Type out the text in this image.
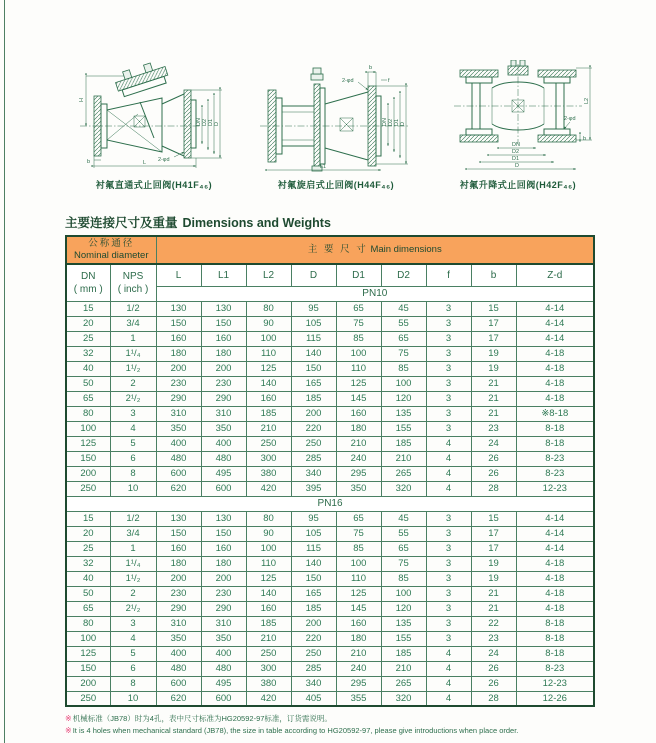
H
L
b	2-φd
DN D2 D1 D
衬氟直通式止回阀(H41F₄₆)
b
f
2-φd
DN D2 D1 D
L1
衬氟旋启式止回阀(H44F₄₆)
DN
D2
D1
D
L2
2-φd
b
衬氟升降式止回阀(H42F₄₆)
主要连接尺寸及重量 Dimensions and Weights
公称通径
Nominal diameter		主 要 尺 寸 Main dimensions								
DN
( mm )	NPS
( inch )	L	L1	L2	D	D1	D2	f	b	Z-d
		PN10								
15	1/2	130	130	80	95	65	45	3	15	4-14
20	3/4	150	150	90	105	75	55	3	17	4-14
25	1	160	160	100	115	85	65	3	17	4-14
32	1¹/₄	180	180	110	140	100	75	3	19	4-18
40	1¹/₂	200	200	125	150	110	85	3	19	4-18
50	2	230	230	140	165	125	100	3	21	4-18
65	2¹/₂	290	290	160	185	145	120	3	21	4-18
80	3	310	310	185	200	160	135	3	21	※8-18
100	4	350	350	210	220	180	155	3	23	8-18
125	5	400	400	250	250	210	185	4	24	8-18
150	6	480	480	300	285	240	210	4	26	8-23
200	8	600	495	380	340	295	265	4	26	8-23
250	10	620	600	420	395	350	320	4	28	12-23
PN16										
15	1/2	130	130	80	95	65	45	3	15	4-14
20	3/4	150	150	90	105	75	55	3	17	4-14
25	1	160	160	100	115	85	65	3	17	4-14
32	1¹/₄	180	180	110	140	100	75	3	19	4-18
40	1¹/₂	200	200	125	150	110	85	3	19	4-18
50	2	230	230	140	165	125	100	3	21	4-18
65	2¹/₂	290	290	160	185	145	120	3	21	4-18
80	3	310	310	185	200	160	135	3	22	8-18
100	4	350	350	210	220	180	155	3	23	8-18
125	5	400	400	250	250	210	185	4	24	8-18
150	6	480	480	300	285	240	210	4	26	8-23
200	8	600	495	380	340	295	265	4	26	12-23
250	10	620	600	420	405	355	320	4	28	12-26
※机械标准（JB78）时为4孔，表中尺寸标准为HG20592-97标准，订货需说明。
※It is 4 holes when mechanical standard (JB78), the size in table according to HG20592-97, please give introductions when place order.
